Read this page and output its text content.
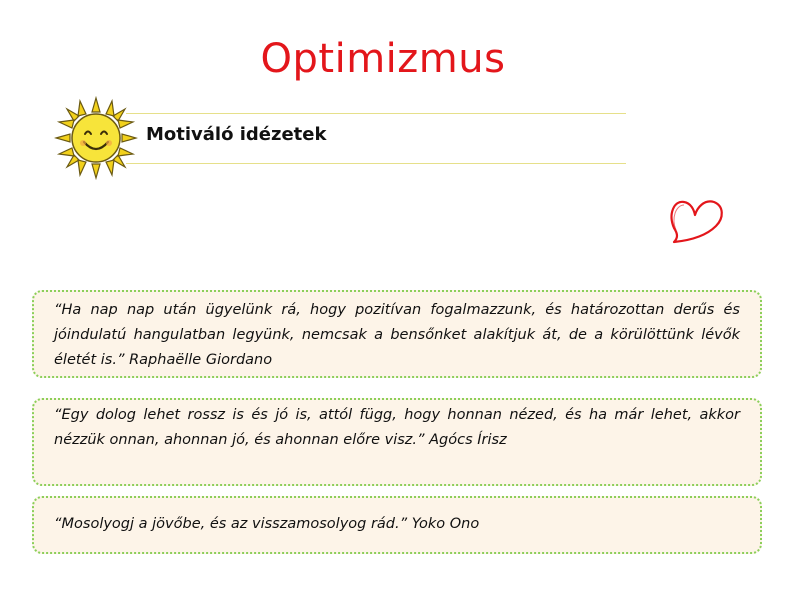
Optimizmus
Motiváló idézetek
“Ha nap nap után ügyelünk rá, hogy pozitívan fogalmazzunk, és határozottan derűs és jóindulatú hangulatban legyünk, nemcsak a bensőnket alakítjuk át, de a körülöttünk lévők életét is.” Raphaëlle Giordano
“Egy dolog lehet rossz is és jó is, attól függ, hogy honnan nézed, és ha már lehet, akkor nézzük onnan, ahonnan jó, és ahonnan előre visz.” Agócs Írisz
“Mosolyogj a jövőbe, és az visszamosolyog rád.” Yoko Ono
